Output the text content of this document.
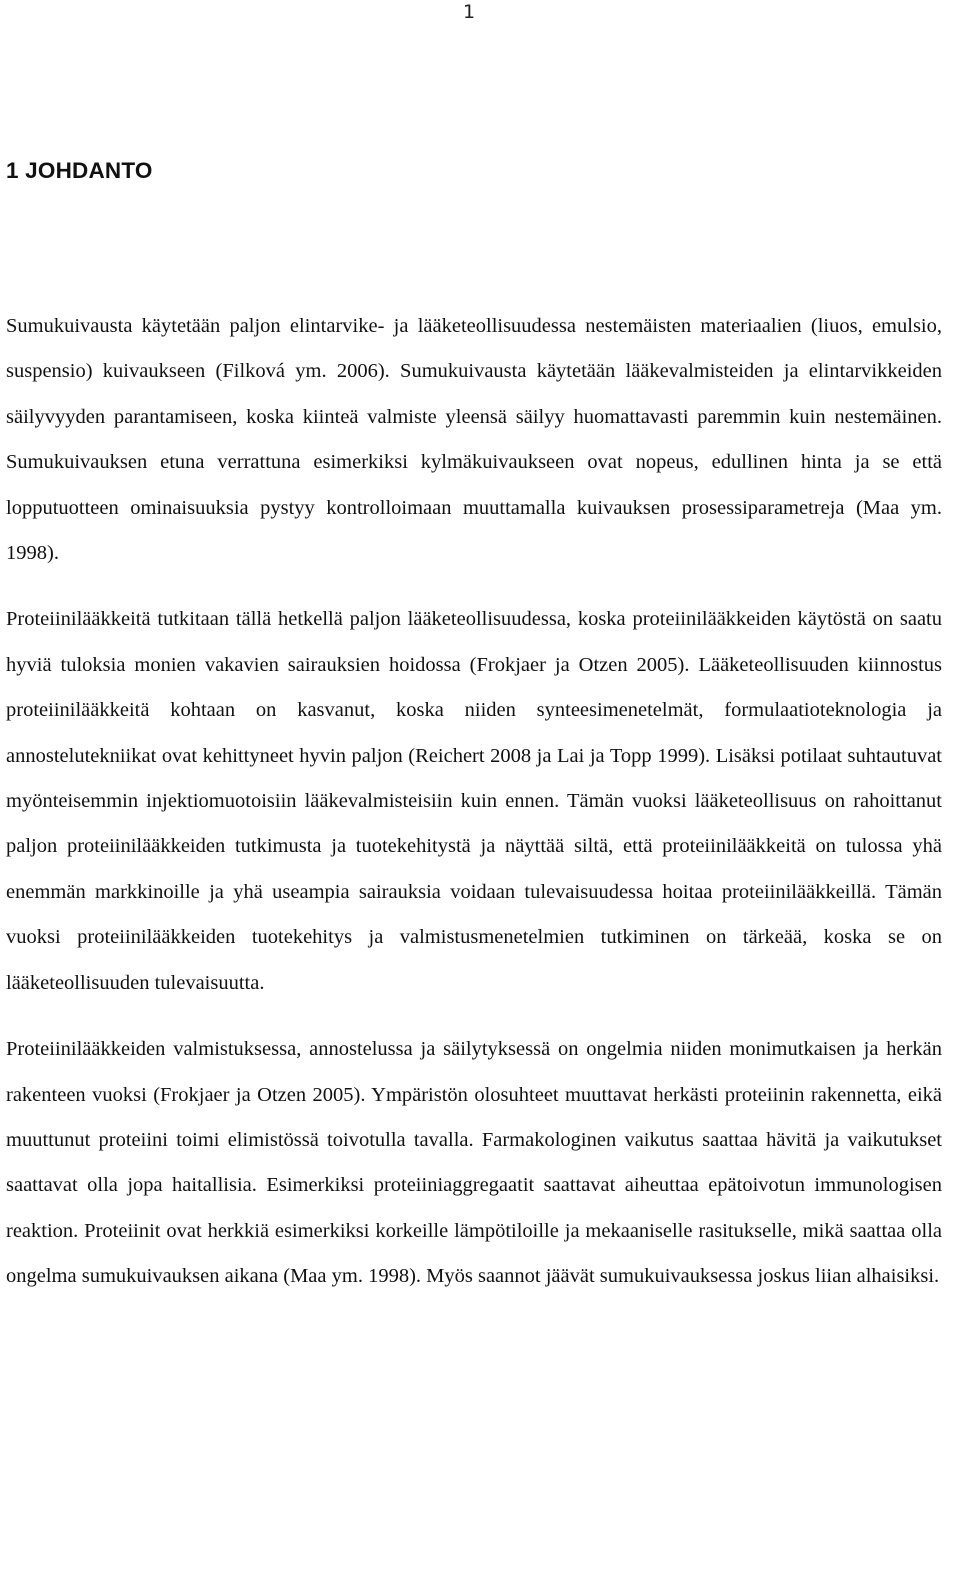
1
1 JOHDANTO

Sumukuivausta käytetään paljon elintarvike- ja lääketeollisuudessa nestemäisten materiaalien (liuos, emulsio, suspensio) kuivaukseen (Filková ym. 2006). Sumukuivausta käytetään lääkevalmisteiden ja elintarvikkeiden säilyvyyden parantamiseen, koska kiinteä valmiste yleensä säilyy huomattavasti paremmin kuin nestemäinen. Sumukuivauksen etuna verrattuna esimerkiksi kylmäkuivaukseen ovat nopeus, edullinen hinta ja se että lopputuotteen ominaisuuksia pystyy kontrolloimaan muuttamalla kuivauksen prosessiparametreja (Maa ym. 1998).

Proteiinilääkkeitä tutkitaan tällä hetkellä paljon lääketeollisuudessa, koska proteiinilääkkeiden käytöstä on saatu hyviä tuloksia monien vakavien sairauksien hoidossa (Frokjaer ja Otzen 2005). Lääketeollisuuden kiinnostus proteiinilääkkeitä kohtaan on kasvanut, koska niiden synteesimenetelmät, formulaatioteknologia ja annostelutekniikat ovat kehittyneet hyvin paljon (Reichert 2008 ja Lai ja Topp 1999). Lisäksi potilaat suhtautuvat myönteisemmin injektiomuotoisiin lääkevalmisteisiin kuin ennen. Tämän vuoksi lääketeollisuus on rahoittanut paljon proteiinilääkkeiden tutkimusta ja tuotekehitystä ja näyttää siltä, että proteiinilääkkeitä on tulossa yhä enemmän markkinoille ja yhä useampia sairauksia voidaan tulevaisuudessa hoitaa proteiinilääkkeillä. Tämän vuoksi proteiinilääkkeiden tuotekehitys ja valmistusmenetelmien tutkiminen on tärkeää, koska se on lääketeollisuuden tulevaisuutta.

Proteiinilääkkeiden valmistuksessa, annostelussa ja säilytyksessä on ongelmia niiden monimutkaisen ja herkän rakenteen vuoksi (Frokjaer ja Otzen 2005). Ympäristön olosuhteet muuttavat herkästi proteiinin rakennetta, eikä muuttunut proteiini toimi elimistössä toivotulla tavalla. Farmakologinen vaikutus saattaa hävitä ja vaikutukset saattavat olla jopa haitallisia. Esimerkiksi proteiiniaggregaatit saattavat aiheuttaa epätoivotun immunologisen reaktion. Proteiinit ovat herkkiä esimerkiksi korkeille lämpötiloille ja mekaaniselle rasitukselle, mikä saattaa olla ongelma sumukuivauksen aikana (Maa ym. 1998). Myös saannot jäävät sumukuivauksessa joskus liian alhaisiksi.
